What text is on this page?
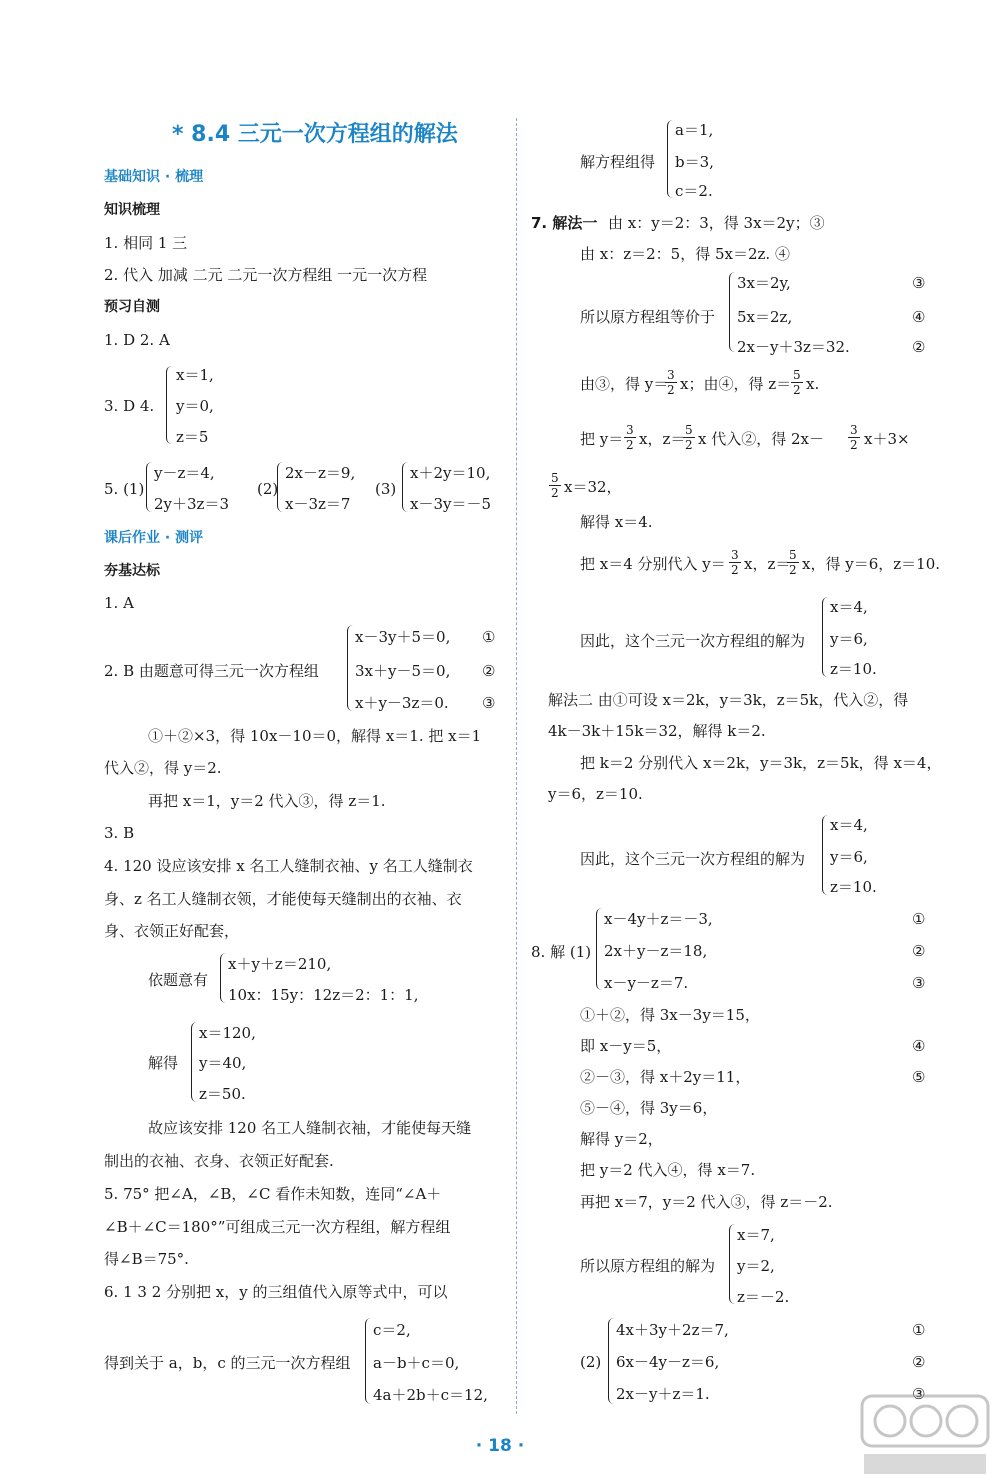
* 8.4 三元一次方程组的解法
基础知识 · 梳理
知识梳理
1. 相同 1 三
2. 代入 加减 二元 二元一次方程组 一元一次方程
预习自测
1. D 2. A
3. D 4.
x＝1,
y＝0,
z＝5
5. (1)
y－z＝4,
2y＋3z＝3
(2)
2x－z＝9,
x－3z＝7
(3)
x＋2y＝10,
x－3y＝－5
课后作业 · 测评
夯基达标
1. A
2. B 由题意可得三元一次方程组
x－3y＋5＝0,
3x＋y－5＝0,
x＋y－3z＝0.
①
②
③
①＋②×3，得 10x－10＝0，解得 x＝1. 把 x＝1
代入②，得 y＝2.
再把 x＝1，y＝2 代入③，得 z＝1.
3. B
4. 120 设应该安排 x 名工人缝制衣袖、y 名工人缝制衣
身、z 名工人缝制衣领，才能使每天缝制出的衣袖、衣
身、衣领正好配套，
依题意有
x＋y＋z＝210,
10x：15y：12z＝2：1：1,
解得
x＝120,
y＝40,
z＝50.
故应该安排 120 名工人缝制衣袖，才能使每天缝
制出的衣袖、衣身、衣领正好配套.
5. 75° 把∠A，∠B，∠C 看作未知数，连同“∠A＋
∠B＋∠C＝180°”可组成三元一次方程组，解方程组
得∠B＝75°.
6. 1 3 2 分别把 x，y 的三组值代入原等式中，可以
得到关于 a，b，c 的三元一次方程组
c＝2,
a－b＋c＝0,
4a＋2b＋c＝12,
解方程组得
a＝1,
b＝3,
c＝2.
7. 解法一 由 x：y＝2：3，得 3x＝2y；③
由 x：z＝2：5，得 5x＝2z. ④
所以原方程组等价于
3x＝2y,
5x＝2z,
2x－y＋3z＝32.
③
④
②
由③，得 y＝
$\frac{3}{2}$ x；由④，得 $z= \frac{5}{2} x$.
把 $y= \frac{3}{2}$ x，z＝
$\frac{5}{2}$ x 代入②，得 $2x- \frac{3}{2} x+3\times$
$\frac{5}{2} x=32$，
解得 x＝4.
把 x＝4 分别代入 $y= \frac{3}{2}$ x，z＝
$\frac{5}{2}$ x，得 y＝6，z＝10.
因此，这个三元一次方程组的解为
x＝4,
y＝6,
z＝10.
解法二 由①可设 x＝2k，y＝3k，z＝5k，代入②，得
4k－3k＋15k＝32，解得 k＝2.
把 k＝2 分别代入 x＝2k，y＝3k，z＝5k，得 x＝4，
y＝6，z＝10.
因此，这个三元一次方程组的解为
x＝4,
y＝6,
z＝10.
8. 解 (1)
x－4y＋z＝－3,
2x＋y－z＝18,
x－y－z＝7.
①
②
③
①＋②，得 3x－3y＝15，
即 x－y＝5，	④
②－③，得 x＋2y＝11，	⑤
⑤－④，得 3y＝6，
解得 y＝2，
把 y＝2 代入④，得 x＝7.
再把 x＝7，y＝2 代入③，得 z＝－2.
所以原方程组的解为
x＝7,
y＝2,
z＝－2.
(2)
4x＋3y＋2z＝7,
6x－4y－z＝6,
2x－y＋z＝1.
①
②
③
· 18 ·
